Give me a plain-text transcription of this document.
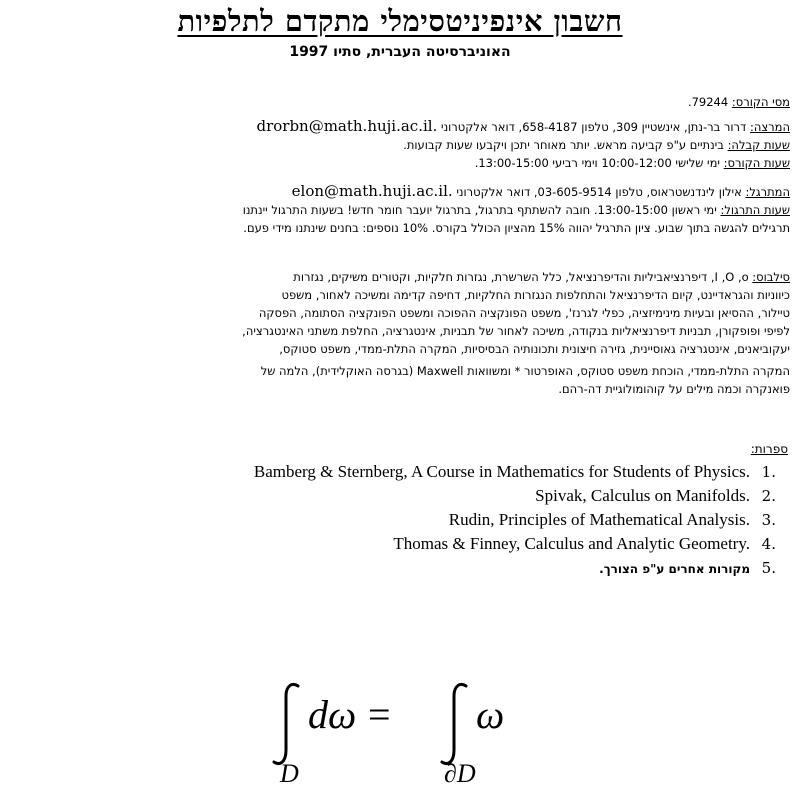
חשבון אינפיניטסימלי מתקדם לתלפיות
האוניברסיטה העברית, סתיו 1997
מסי הקורס: 79244.
המרצה: דרור בר-נתן, אינשטיין 309, טלפון 658-4187, דואר אלקטרוני drorbn@math.huji.ac.il.
שעות קבלה: בינתיים ע"פ קביעה מראש. יותר מאוחר יתכן ויקבעו שעות קבועות.
שעות הקורס: ימי שלישי 10:00-12:00 וימי רביעי 13:00-15:00.
המתרגל: אילון לינדנשטראוס, טלפון 03-605-9514, דואר אלקטרוני elon@math.huji.ac.il.
שעות התרגול: ימי ראשון 13:00-15:00. חובה להשתתף בתרגול, בתרגול יועבר חומר חדש! בשעות התרגול יינתנו
תרגילים להגשה בתוך שבוע. ציון התרגיל יהווה 15% מהציון הכולל בקורס. 10% נוספים: בחנים שינתנו מידי פעם.
סילבוס: I ,O ,o, דיפרנציאביליות והדיפרנציאל, כלל השרשרת, נגזרות חלקיות, וקטורים משיקים, נגזרות
כיווניות והגראדיינט, קיום הדיפרנציאל והתחלפות הנגזרות החלקיות, דחיפה קדימה ומשיכה לאחור, משפט
טיילור, ההסיאן ובעיות מינימיזציה, כפלי לגרנז', משפט הפונקציה ההפוכה ומשפט הפונקציה הסתומה, הפסקה
לפיפי ופופקורן, תבניות דיפרנציאליות בנקודה, משיכה לאחור של תבניות, אינטגרציה, החלפת משתני האינטגרציה,
יעקוביאנים, אינטגרציה גאוסיינית, גזירה חיצונית ותכונותיה הבסיסיות, המקרה התלת-ממדי, משפט סטוקס,
המקרה התלת-ממדי, הוכחת משפט סטוקס, האופרטור * ומשוואות Maxwell (בגרסה האוקלידית), הלמה של
פואנקרה וכמה מילים על קוהומולוגיית דה-רהם.
ספרות:
.1Bamberg & Sternberg, A Course in Mathematics for Students of Physics.
.2Spivak, Calculus on Manifolds.
.3Rudin, Principles of Mathematical Analysis.
.4Thomas & Finney, Calculus and Analytic Geometry.
.5מקורות אחרים ע"פ הצורך.
dω = ω
D	∂D
